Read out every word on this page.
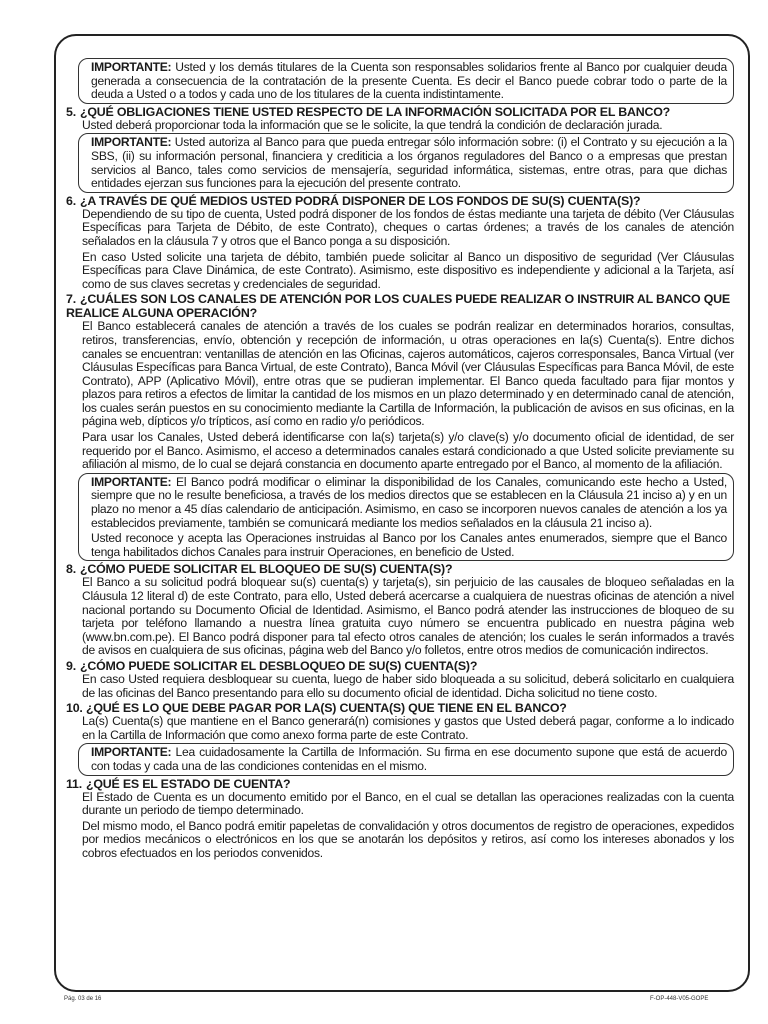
IMPORTANTE: Usted y los demás titulares de la Cuenta son responsables solidarios frente al Banco por cualquier deuda generada a consecuencia de la contratación de la presente Cuenta. Es decir el Banco puede cobrar todo o parte de la deuda a Usted o a todos y cada uno de los titulares de la cuenta indistintamente.

5. ¿QUÉ OBLIGACIONES TIENE USTED RESPECTO DE LA INFORMACIÓN SOLICITADA POR EL BANCO?

Usted deberá proporcionar toda la información que se le solicite, la que tendrá la condición de declaración jurada.

IMPORTANTE: Usted autoriza al Banco para que pueda entregar sólo información sobre: (i) el Contrato y su ejecución a la SBS, (ii) su información personal, financiera y crediticia a los órganos reguladores del Banco o a empresas que prestan servicios al Banco, tales como servicios de mensajería, seguridad informática, sistemas, entre otras, para que dichas entidades ejerzan sus funciones para la ejecución del presente contrato.

6. ¿A TRAVÉS DE QUÉ MEDIOS USTED PODRÁ DISPONER DE LOS FONDOS DE SU(S) CUENTA(S)?

Dependiendo de su tipo de cuenta, Usted podrá disponer de los fondos de éstas mediante una tarjeta de débito (Ver Cláusulas Específicas para Tarjeta de Débito, de este Contrato), cheques o cartas órdenes; a través de los canales de atención señalados en la cláusula 7 y otros que el Banco ponga a su disposición.

En caso Usted solicite una tarjeta de débito, también puede solicitar al Banco un dispositivo de seguridad (Ver Cláusulas Específicas para Clave Dinámica, de este Contrato). Asimismo, este dispositivo es independiente y adicional a la Tarjeta, así como de sus claves secretas y credenciales de seguridad.

7. ¿CUÁLES SON LOS CANALES DE ATENCIÓN POR LOS CUALES PUEDE REALIZAR O INSTRUIR AL BANCO QUE REALICE ALGUNA OPERACIÓN?

El Banco establecerá canales de atención a través de los cuales se podrán realizar en determinados horarios, consultas, retiros, transferencias, envío, obtención y recepción de información, u otras operaciones en la(s) Cuenta(s). Entre dichos canales se encuentran: ventanillas de atención en las Oficinas, cajeros automáticos, cajeros corresponsales, Banca Virtual (ver Cláusulas Específicas para Banca Virtual, de este Contrato), Banca Móvil (ver Cláusulas Específicas para Banca Móvil, de este Contrato), APP (Aplicativo Móvil), entre otras que se pudieran implementar. El Banco queda facultado para fijar montos y plazos para retiros a efectos de limitar la cantidad de los mismos en un plazo determinado y en determinado canal de atención, los cuales serán puestos en su conocimiento mediante la Cartilla de Información, la publicación de avisos en sus oficinas, en la página web, dípticos y/o trípticos, así como en radio y/o periódicos.

Para usar los Canales, Usted deberá identificarse con la(s) tarjeta(s) y/o clave(s) y/o documento oficial de identidad, de ser requerido por el Banco. Asimismo, el acceso a determinados canales estará condicionado a que Usted solicite previamente su afiliación al mismo, de lo cual se dejará constancia en documento aparte entregado por el Banco, al momento de la afiliación.

IMPORTANTE: El Banco podrá modificar o eliminar la disponibilidad de los Canales, comunicando este hecho a Usted, siempre que no le resulte beneficiosa, a través de los medios directos que se establecen en la Cláusula 21 inciso a) y en un plazo no menor a 45 días calendario de anticipación. Asimismo, en caso se incorporen nuevos canales de atención a los ya establecidos previamente, también se comunicará mediante los medios señalados en la cláusula 21 inciso a).

Usted reconoce y acepta las Operaciones instruidas al Banco por los Canales antes enumerados, siempre que el Banco tenga habilitados dichos Canales para instruir Operaciones, en beneficio de Usted.

8. ¿CÓMO PUEDE SOLICITAR EL BLOQUEO DE SU(S) CUENTA(S)?

El Banco a su solicitud podrá bloquear su(s) cuenta(s) y tarjeta(s), sin perjuicio de las causales de bloqueo señaladas en la Cláusula 12 literal d) de este Contrato, para ello, Usted deberá acercarse a cualquiera de nuestras oficinas de atención a nivel nacional portando su Documento Oficial de Identidad. Asimismo, el Banco podrá atender las instrucciones de bloqueo de su tarjeta por teléfono llamando a nuestra línea gratuita cuyo número se encuentra publicado en nuestra página web (www.bn.com.pe). El Banco podrá disponer para tal efecto otros canales de atención; los cuales le serán informados a través de avisos en cualquiera de sus oficinas, página web del Banco y/o folletos, entre otros medios de comunicación indirectos.

9. ¿CÓMO PUEDE SOLICITAR EL DESBLOQUEO DE SU(S) CUENTA(S)?

En caso Usted requiera desbloquear su cuenta, luego de haber sido bloqueada a su solicitud, deberá solicitarlo en cualquiera de las oficinas del Banco presentando para ello su documento oficial de identidad. Dicha solicitud no tiene costo.

10. ¿QUÉ ES LO QUE DEBE PAGAR POR LA(S) CUENTA(S) QUE TIENE EN EL BANCO?

La(s) Cuenta(s) que mantiene en el Banco generará(n) comisiones y gastos que Usted deberá pagar, conforme a lo indicado en la Cartilla de Información que como anexo forma parte de este Contrato.

IMPORTANTE: Lea cuidadosamente la Cartilla de Información. Su firma en ese documento supone que está de acuerdo con todas y cada una de las condiciones contenidas en el mismo.

11. ¿QUÉ ES EL ESTADO DE CUENTA?

El Estado de Cuenta es un documento emitido por el Banco, en el cual se detallan las operaciones realizadas con la cuenta durante un periodo de tiempo determinado.

Del mismo modo, el Banco podrá emitir papeletas de convalidación y otros documentos de registro de operaciones, expedidos por medios mecánicos o electrónicos en los que se anotarán los depósitos y retiros, así como los intereses abonados y los cobros efectuados en los periodos convenidos.

Pág. 03 de 16	F-OP-448-V05-GOPE
